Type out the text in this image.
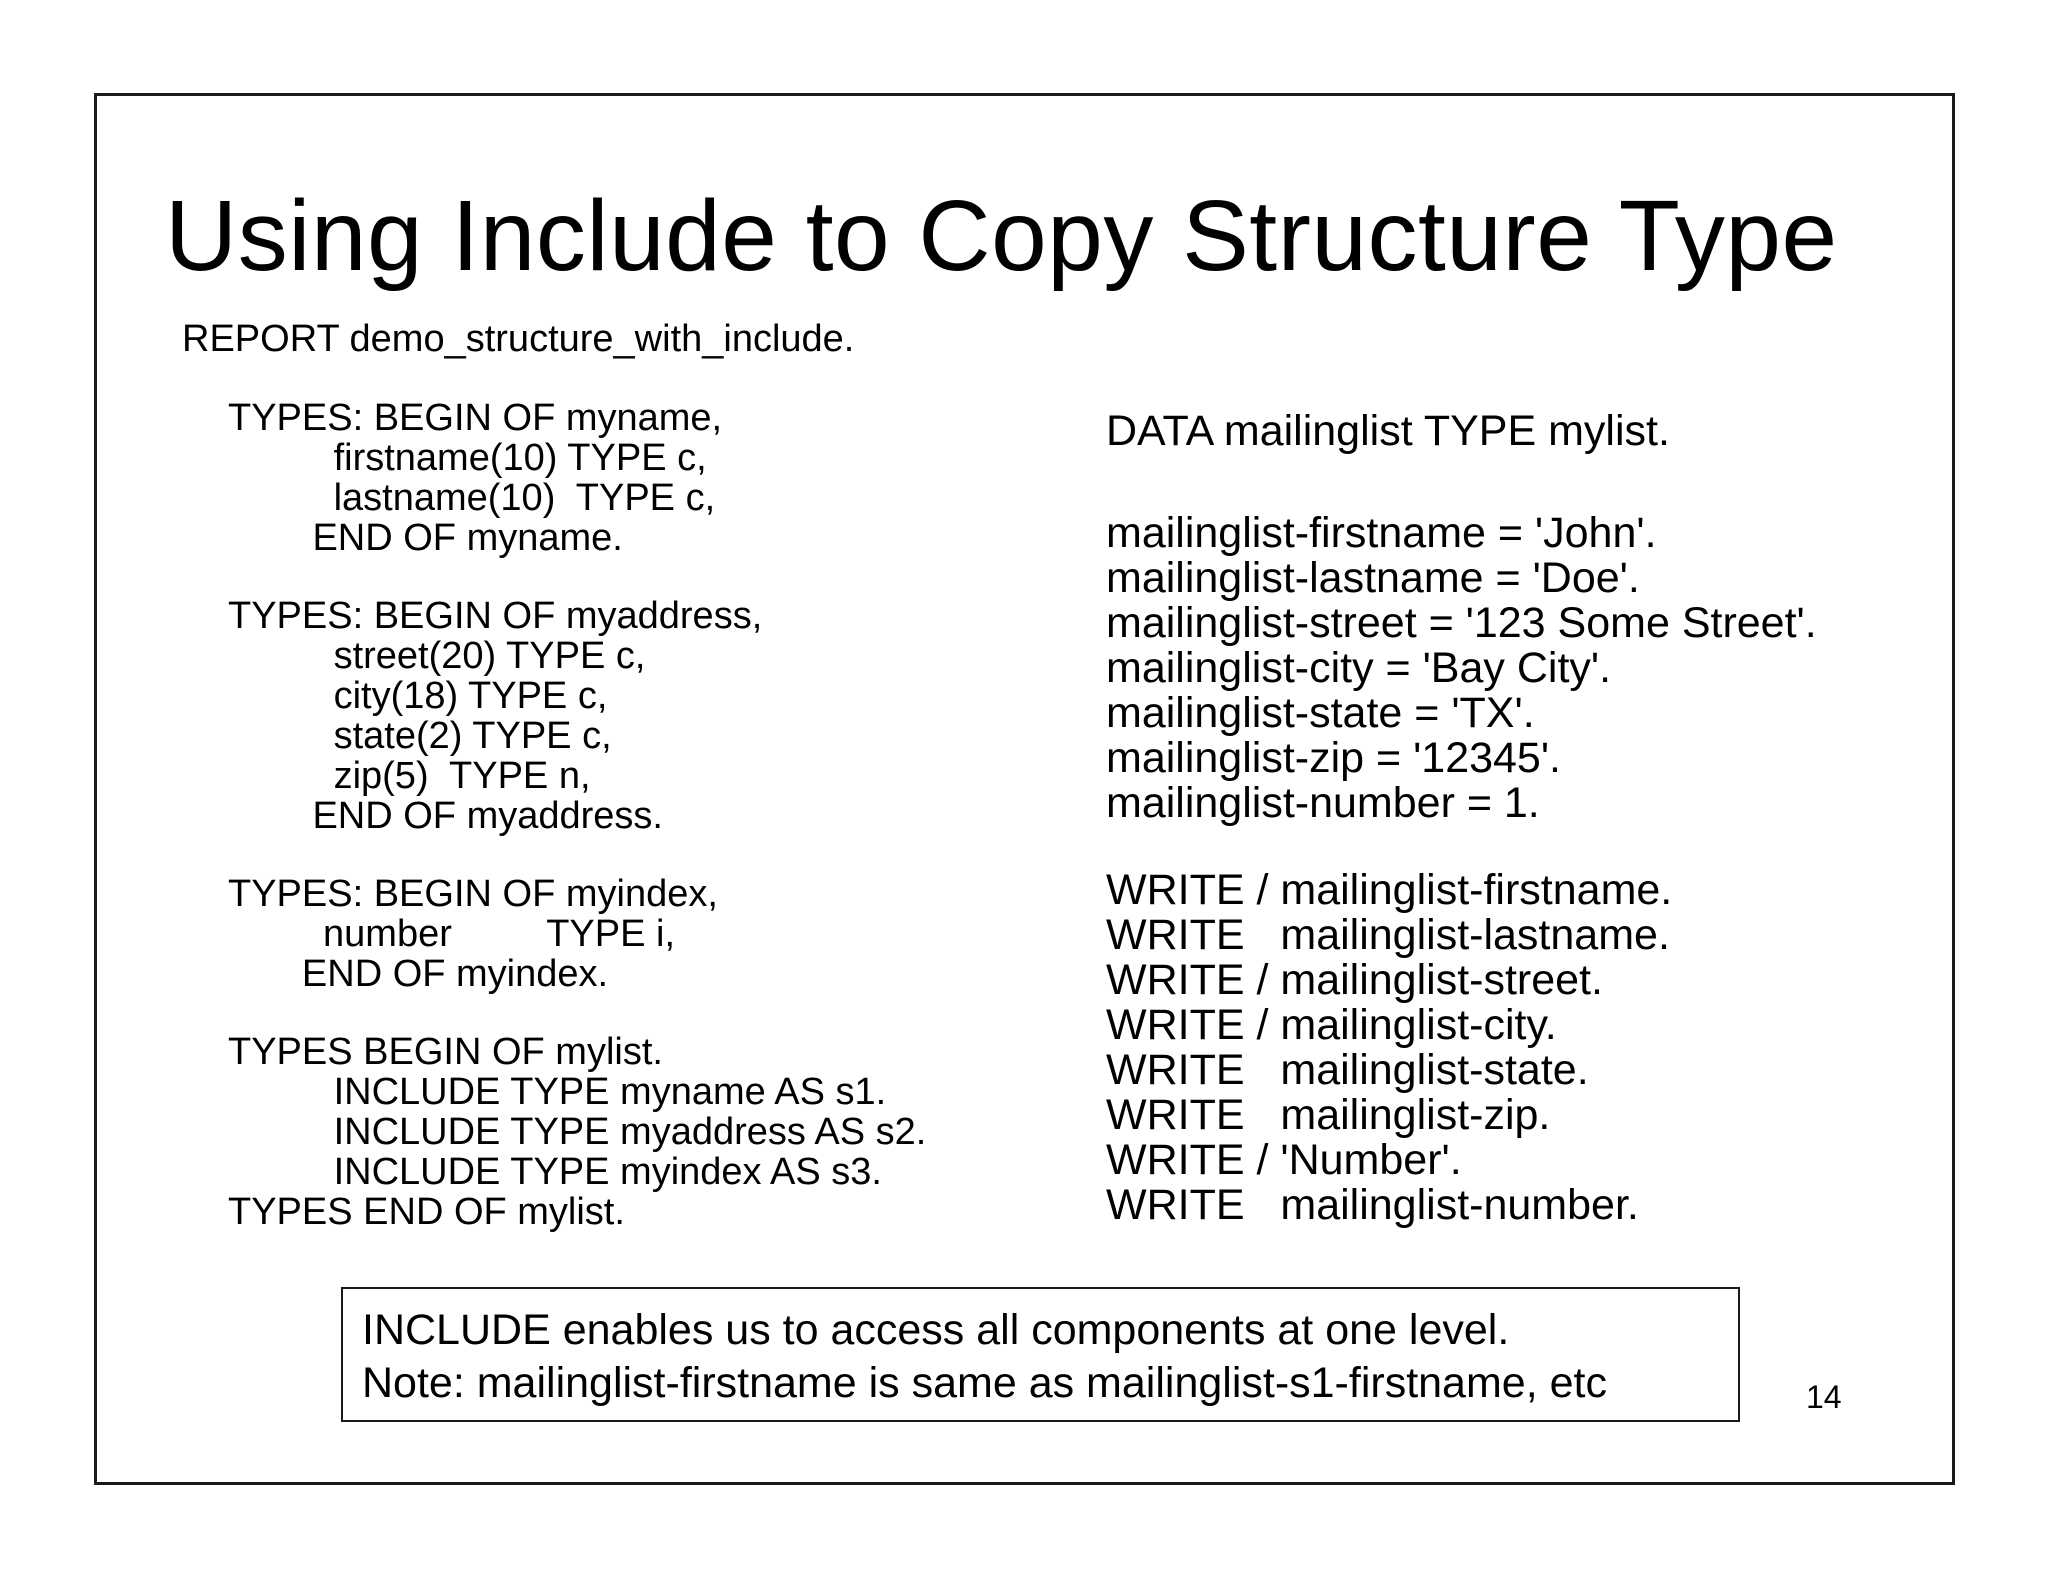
Using Include to Copy Structure Type
REPORT demo_structure_with_include.
TYPES: BEGIN OF myname,
firstname(10) TYPE c,
lastname(10)  TYPE c,
END OF myname.
TYPES: BEGIN OF myaddress,
street(20) TYPE c,
city(18) TYPE c,
state(2) TYPE c,
zip(5)  TYPE n,
END OF myaddress.
TYPES: BEGIN OF myindex,
number         TYPE i,
END OF myindex.
TYPES BEGIN OF mylist.
INCLUDE TYPE myname AS s1.
INCLUDE TYPE myaddress AS s2.
INCLUDE TYPE myindex AS s3.
TYPES END OF mylist.
DATA mailinglist TYPE mylist.
mailinglist-firstname = 'John'.
mailinglist-lastname = 'Doe'.
mailinglist-street = '123 Some Street'.
mailinglist-city = 'Bay City'.
mailinglist-state = 'TX'.
mailinglist-zip = '12345'.
mailinglist-number = 1.
WRITE / mailinglist-firstname.
WRITE   mailinglist-lastname.
WRITE / mailinglist-street.
WRITE / mailinglist-city.
WRITE   mailinglist-state.
WRITE   mailinglist-zip.
WRITE / 'Number'.
WRITE   mailinglist-number.
INCLUDE enables us to access all components at one level.
Note: mailinglist-firstname is same as mailinglist-s1-firstname, etc	14
